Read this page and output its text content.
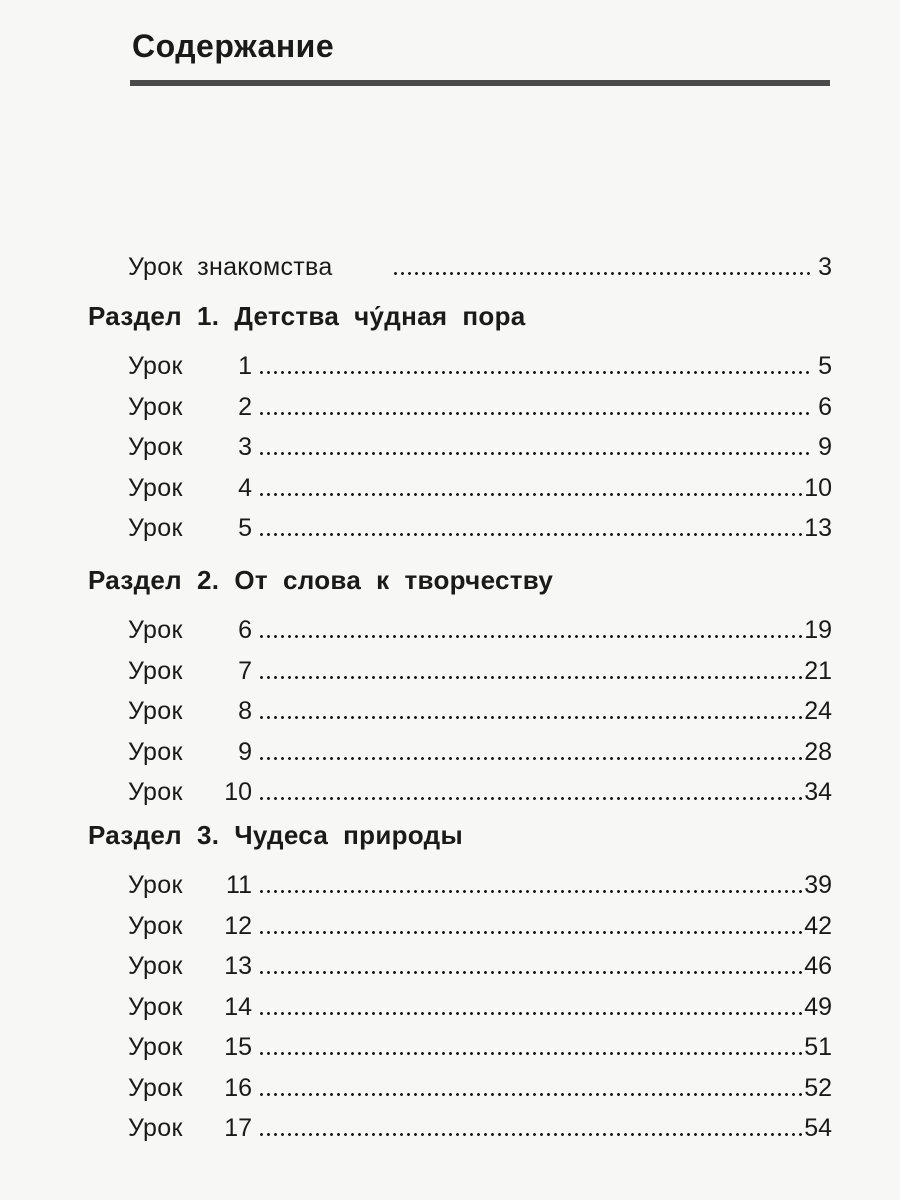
Содержание
Урок  знакомства	3
Раздел  1.  Детства  чу́дная  пора
Урок	1	5
Урок	2	6
Урок	3	9
Урок	4	10
Урок	5	13
Раздел  2.  От  слова  к  творчеству
Урок	6	19
Урок	7	21
Урок	8	24
Урок	9	28
Урок	10	34
Раздел  3.  Чудеса  природы
Урок	11	39
Урок	12	42
Урок	13	46
Урок	14	49
Урок	15	51
Урок	16	52
Урок	17	54
